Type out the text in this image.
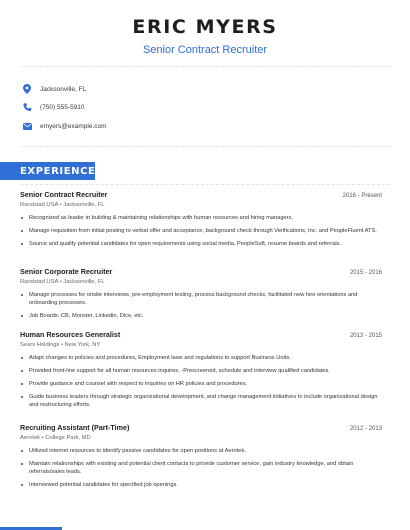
ERIC MYERS
Senior Contract Recruiter
Jacksonville, FL
(750) 555-5910
emyers@example.com
EXPERIENCE
Senior Contract Recruiter	2016 - Present
Randstad USA • Jacksonville, FL
Recognized as leader in building & maintaining relationships with human resources and hiring managers.
Manage requisition from initial posting to verbal offer and acceptance, background check through Verifications, Inc. and PeopleFluent ATS.
Source and qualify potential candidates for open requirements using social media, PeopleSoft, resume boards and referrals.
Senior Corporate Recruiter	2015 - 2016
Randstad USA • Jacksonville, FL
Manage processes for onsite interviews, pre-employment testing, process background checks, facilitated new hire orientations and onboarding processes.
Job Boards: CB, Monster, Linkedin, Dice, etc.
Human Resources Generalist	2013 - 2015
Sears Holdings • New York, NY
Adapt changes to policies and procedures, Employment laws and regulations to support Business Units.
Provided front-line support for all human resources inquires, -Prescreened, schedule and interview qualified candidates.
Provide guidance and counsel with respect to inquiries on HR policies and procedures.
Guide business leaders through strategic organizational development, and change management initiatives to include organizational design and restructuring efforts.
Recruiting Assistant (Part-Time)	2012 - 2013
Aerotek • College Park, MD
Utilized internet resources to identify passive candidates for open positions at Aerotek.
Maintain relationships with existing and potential client contacts to provide customer service, gain industry knowledge, and obtain referrals/sales leads.
Interviewed potential candidates for specified job openings.
